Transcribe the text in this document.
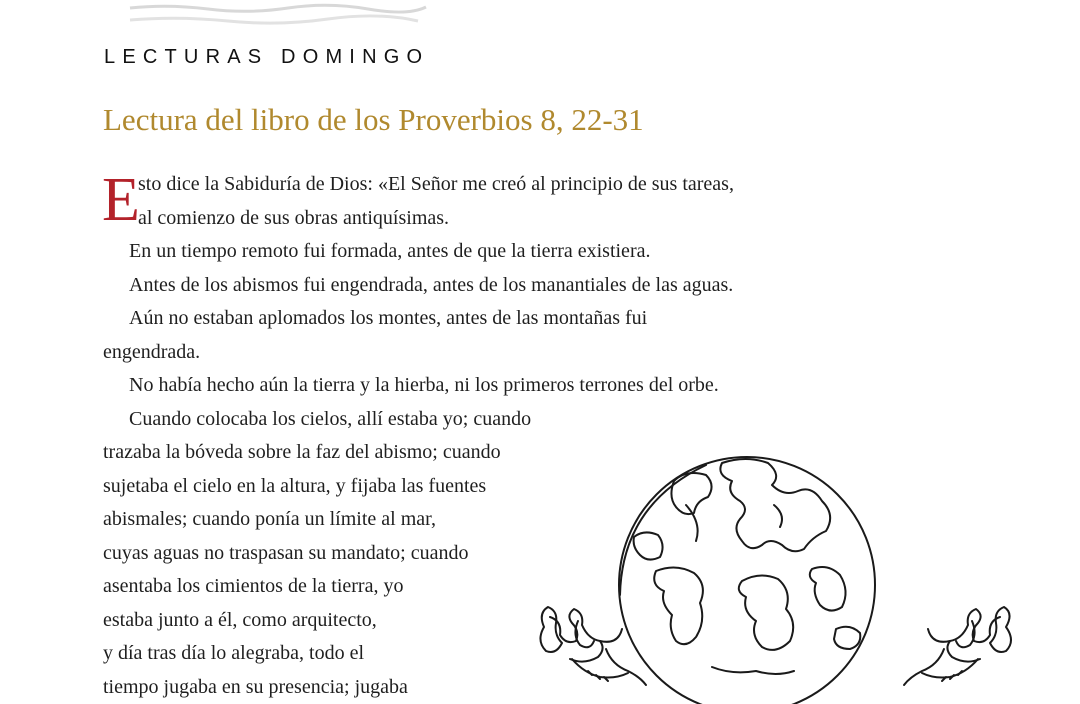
LECTURAS DOMINGO
Lectura del libro de los Proverbios 8, 22-31
E
sto dice la Sabiduría de Dios: «El Señor me creó al principio de sus tareas,
al comienzo de sus obras antiquísimas.
En un tiempo remoto fui formada, antes de que la tierra existiera.
Antes de los abismos fui engendrada, antes de los manantiales de las aguas.
Aún no estaban aplomados los montes, antes de las montañas fui
engendrada.
No había hecho aún la tierra y la hierba, ni los primeros terrones del orbe.
Cuando colocaba los cielos, allí estaba yo; cuando
trazaba la bóveda sobre la faz del abismo; cuando
sujetaba el cielo en la altura, y fijaba las fuentes
abismales; cuando ponía un límite al mar,
cuyas aguas no traspasan su mandato; cuando
asentaba los cimientos de la tierra, yo
estaba junto a él, como arquitecto,
y día tras día lo alegraba, todo el
tiempo jugaba en su presencia; jugaba
